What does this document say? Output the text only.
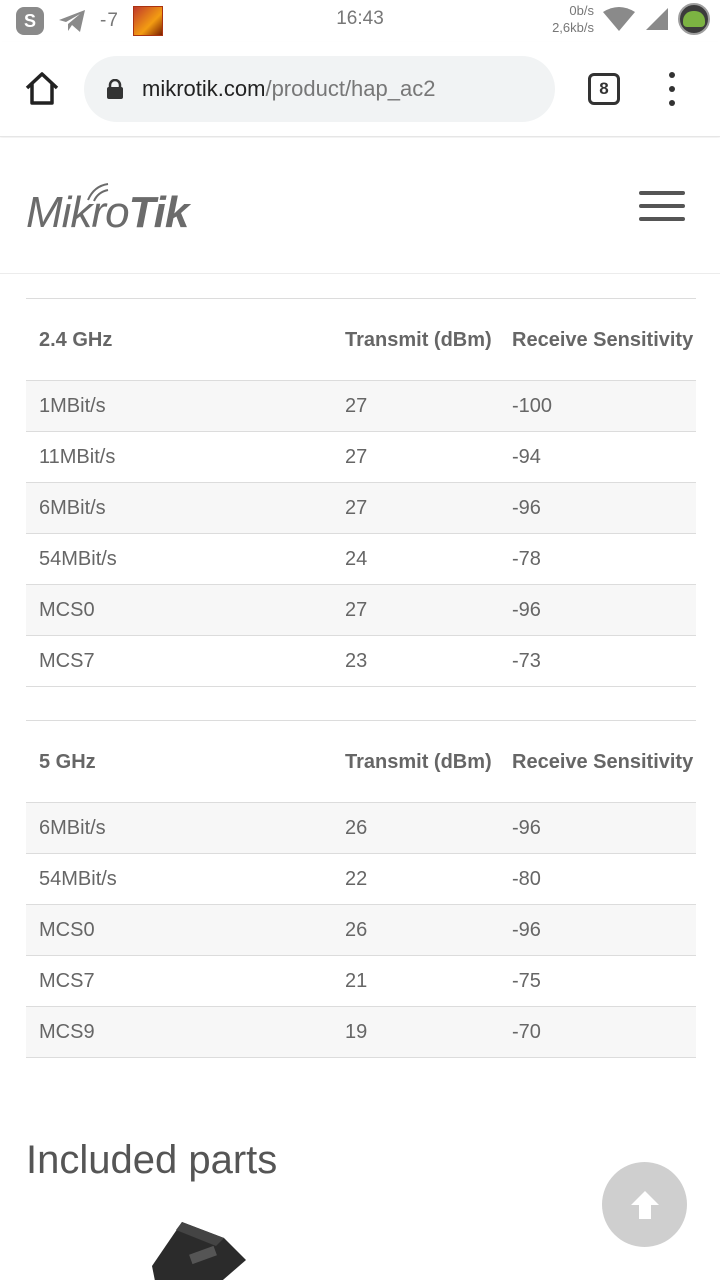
S	-7	16:43	0b/s
2,6kb/s
mikrotik.com /product/hap_ac2	8
Mikro Tik
2.4 GHz	Transmit (dBm)	Receive Sensitivity
1MBit/s	27	-100
11MBit/s	27	-94
6MBit/s	27	-96
54MBit/s	24	-78
MCS0	27	-96
MCS7	23	-73
5 GHz	Transmit (dBm)	Receive Sensitivity
6MBit/s	26	-96
54MBit/s	22	-80
MCS0	26	-96
MCS7	21	-75
MCS9	19	-70
Included parts
